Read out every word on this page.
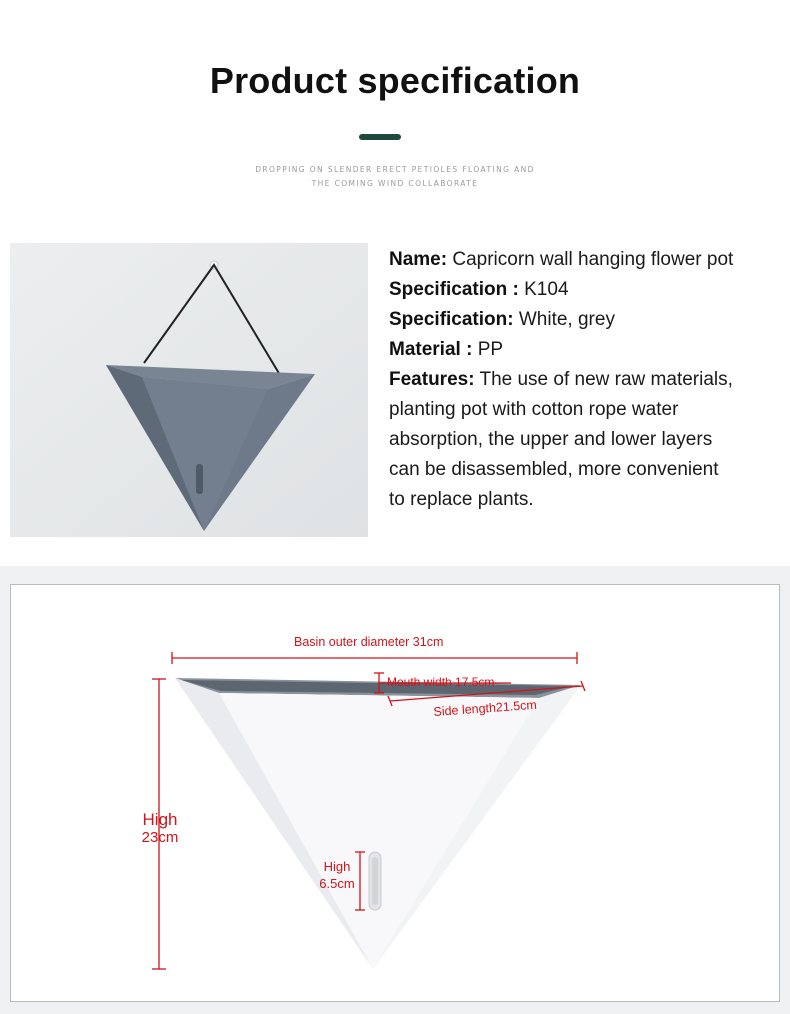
Product specification
DROPPING ON SLENDER ERECT PETIOLES FLOATING AND
THE COMING WIND COLLABORATE
Name: Capricorn wall hanging flower pot
Specification : K104
Specification: White, grey
Material : PP
Features: The use of new raw materials,
planting pot with cotton rope water
absorption, the upper and lower layers
can be disassembled, more convenient
to replace plants.
Basin outer diameter 31cm
Mouth width 17.5cm
Side length21.5cm
High
23cm
High
6.5cm
